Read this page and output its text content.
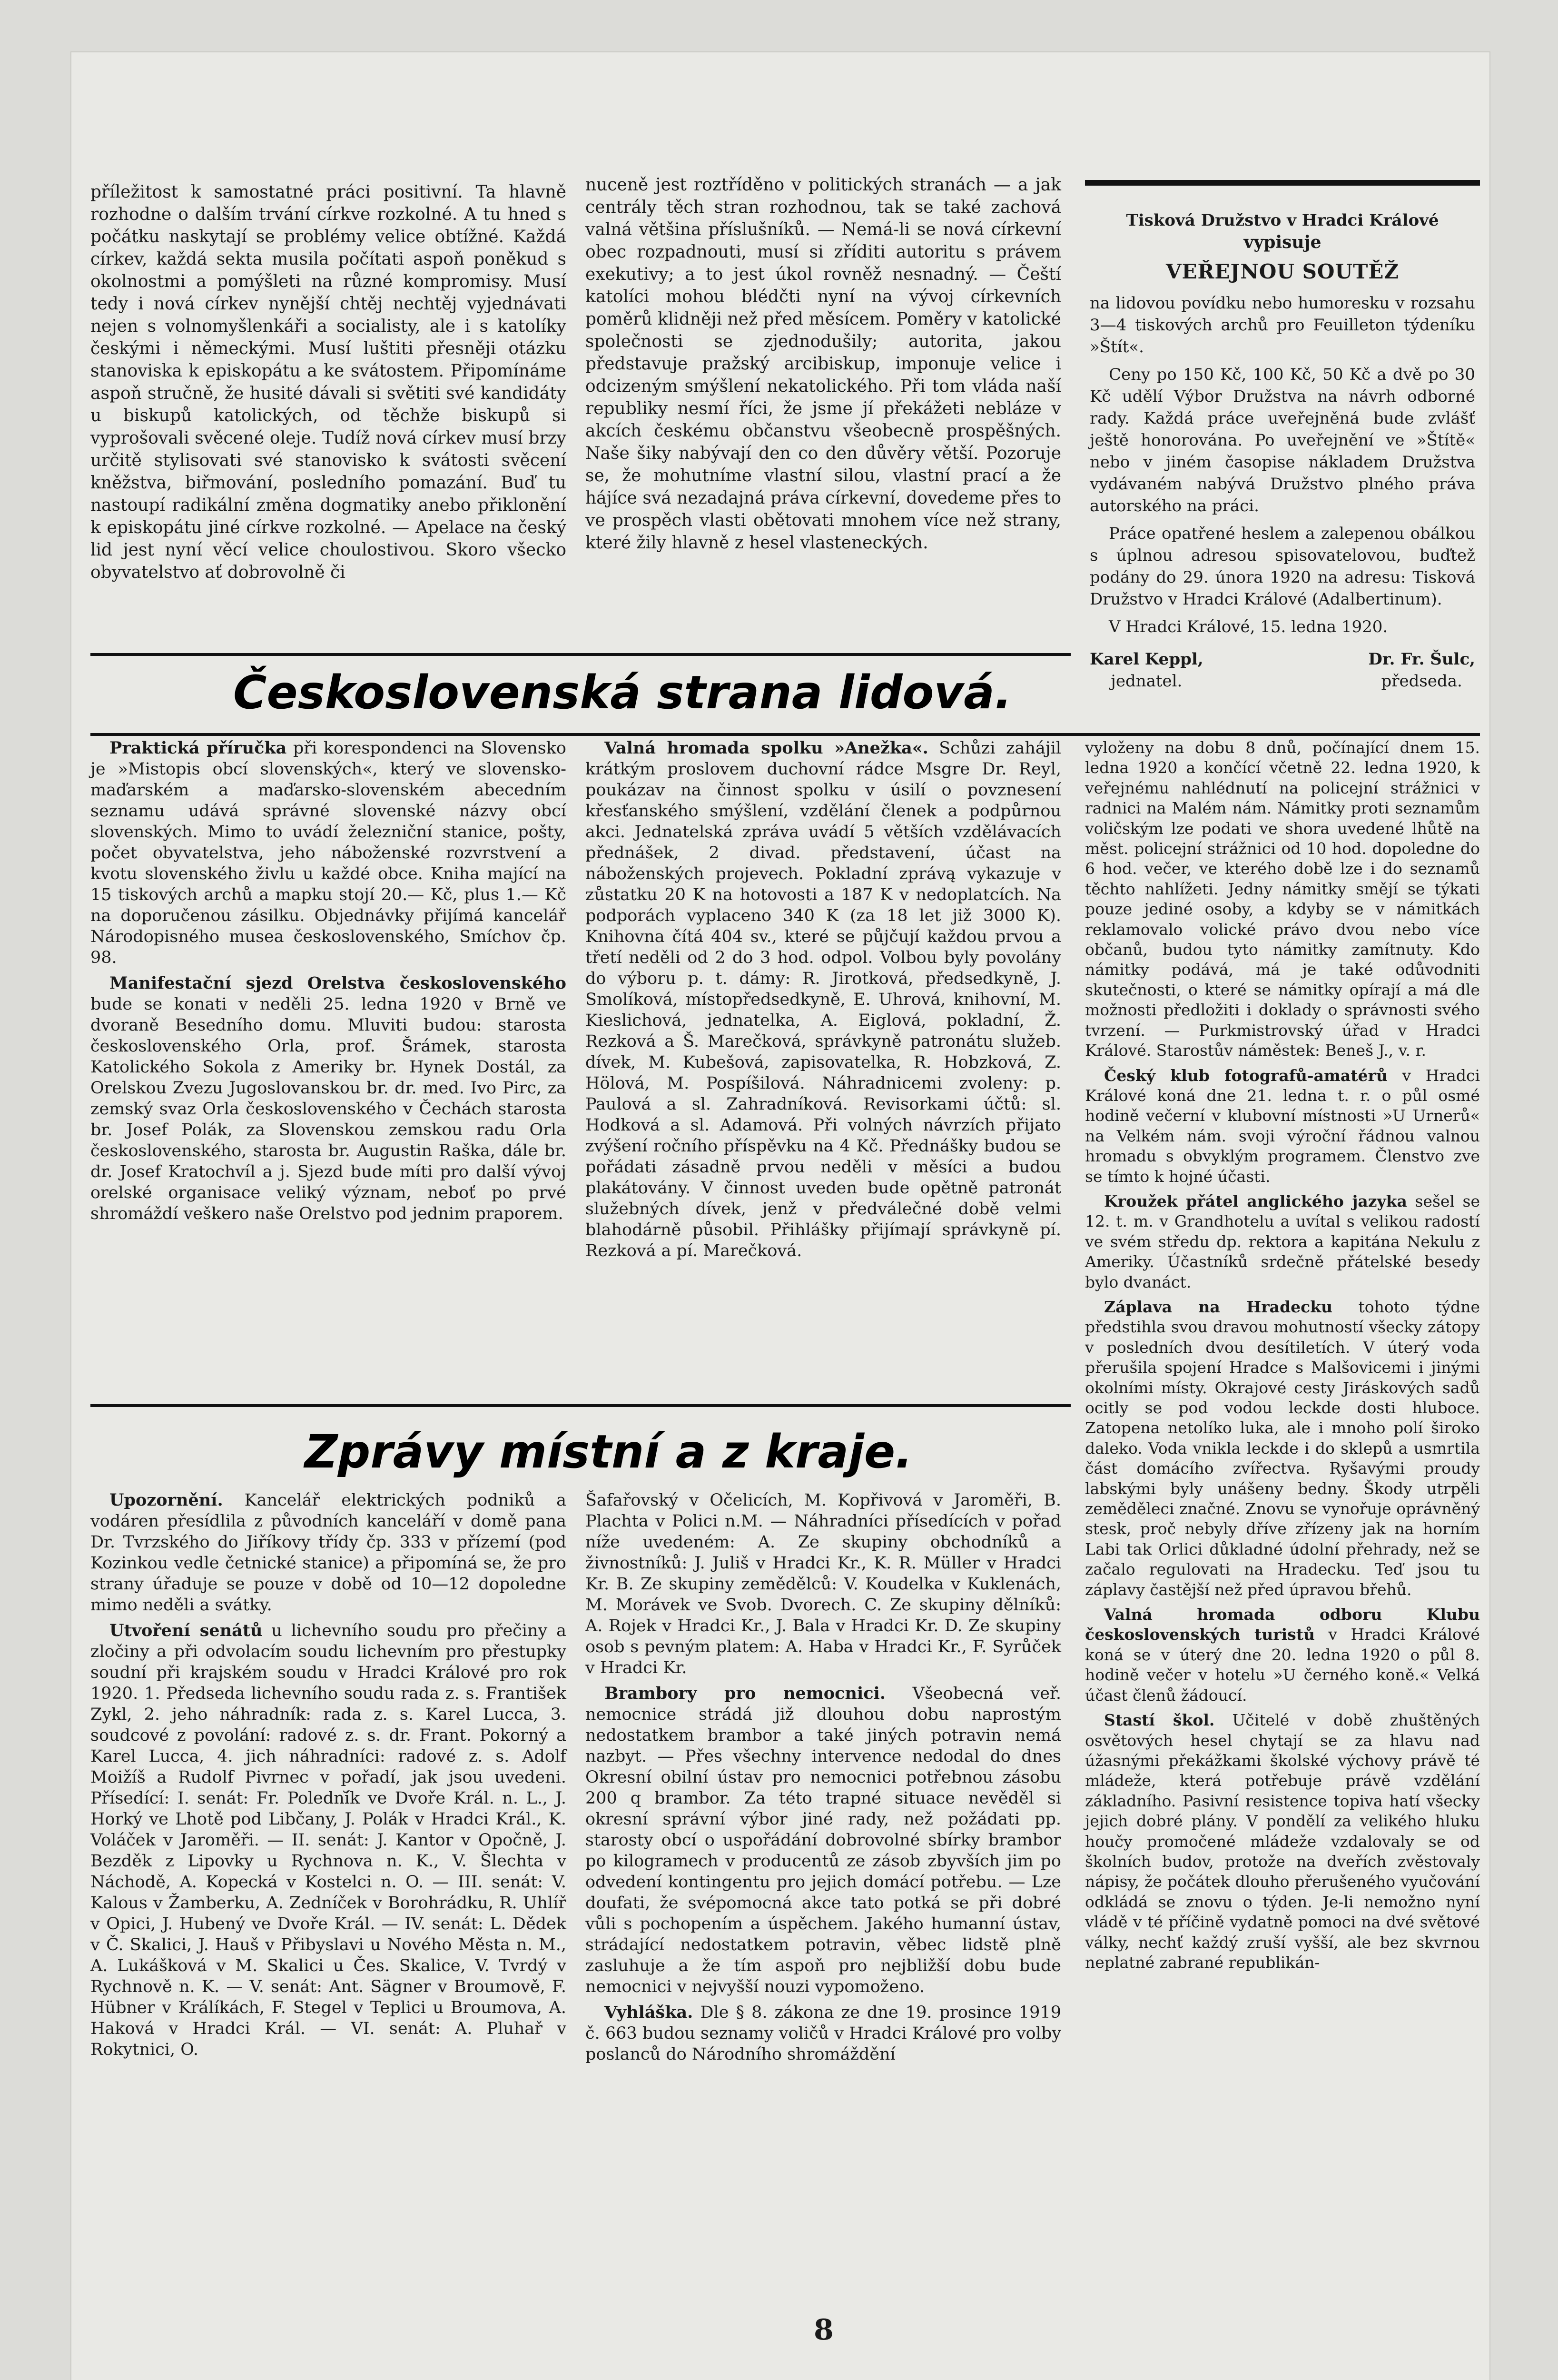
příležitost k samostatné práci positivní. Ta hlavně rozhodne o dalším trvání církve rozkolné. A tu hned s počátku naskytají se problémy velice obtížné. Každá církev, každá sekta musila počítati aspoň poněkud s okolnostmi a pomýšleti na různé kompromisy. Musí tedy i nová církev nynější chtěj nechtěj vyjednávati nejen s volnomyšlenkáři a socialisty, ale i s katolíky českými i německými. Musí luštiti přesněji otázku stanoviska k episkopátu a ke svátostem. Připomínáme aspoň stručně, že husité dávali si světiti své kandidáty u biskupů katolických, od těchže biskupů si vyprošovali svěcené oleje. Tudíž nová církev musí brzy určitě stylisovati své stanovisko k svátosti svěcení kněžstva, biřmování, posledního pomazání. Buď tu nastoupí radikální změna dogmatiky anebo přiklonění k episkopátu jiné církve rozkolné. — Apelace na český lid jest nyní věcí velice choulostivou. Skoro všecko obyvatelstvo ať dobrovolně či

nuceně jest roztříděno v politických stranách — a jak centrály těch stran rozhodnou, tak se také zachová valná většina příslušníků. — Nemá-li se nová církevní obec rozpadnouti, musí si zříditi autoritu s právem exekutivy; a to jest úkol rovněž nesnadný. — Čeští katolíci mohou blédčti nyní na vývoj církevních poměrů klidněji než před měsícem. Poměry v katolické společnosti se zjednodušily; autorita, jakou představuje pražský arcibiskup, imponuje velice i odcizeným smýšlení nekatolického. Při tom vláda naší republiky nesmí říci, že jsme jí překážeti nebláze v akcích českému občanstvu všeobecně prospěšných. Naše šiky nabývají den co den důvěry větší. Pozoruje se, že mohutníme vlastní silou, vlastní prací a že hájíce svá nezadajná práva církevní, dovedeme přes to ve prospěch vlasti obětovati mnohem více než strany, které žily hlavně z hesel vlasteneckých.

Tisková Družstvo v Hradci Králové
vypisuje
VEŘEJNOU SOUTĚŽ

na lidovou povídku nebo humoresku v rozsahu 3—4 tiskových archů pro Feuilleton týdeníku »Štít«.

Ceny po 150 Kč, 100 Kč, 50 Kč a dvě po 30 Kč udělí Výbor Družstva na návrh odborné rady. Každá práce uveřejněná bude zvlášť ještě honorována. Po uveřejnění ve »Štítě« nebo v jiném časopise nákladem Družstva vydávaném nabývá Družstvo plného práva autorského na práci.

Práce opatřené heslem a zalepenou obálkou s úplnou adresou spisovatelovou, buďtež podány do 29. února 1920 na adresu: Tisková Družstvo v Hradci Králové (Adalbertinum).

V Hradci Králové, 15. ledna 1920.

Karel Keppl,
jednatel.
Dr. Fr. Šulc,
předseda.
Československá strana lidová.

Praktická příručka při korespondenci na Slovensko je »Mistopis obcí slovenských«, který ve slovensko-maďarském a maďarsko-slovenském abecedním seznamu udává správné slovenské názvy obcí slovenských. Mimo to uvádí železniční stanice, pošty, počet obyvatelstva, jeho náboženské rozvrstvení a kvotu slovenského živlu u každé obce. Kniha mající na 15 tiskových archů a mapku stojí 20.— Kč, plus 1.— Kč na doporučenou zásilku. Objednávky přijímá kancelář Národopisného musea československého, Smíchov čp. 98.

Manifestační sjezd Orelstva československého bude se konati v neděli 25. ledna 1920 v Brně ve dvoraně Besedního domu. Mluviti budou: starosta československého Orla, prof. Šrámek, starosta Katolického Sokola z Ameriky br. Hynek Dostál, za Orelskou Zvezu Jugoslovanskou br. dr. med. Ivo Pirc, za zemský svaz Orla československého v Čechách starosta br. Josef Polák, za Slovenskou zemskou radu Orla československého, starosta br. Augustin Raška, dále br. dr. Josef Kratochvíl a j. Sjezd bude míti pro další vývoj orelské organisace veliký význam, neboť po prvé shromáždí veškero naše Orelstvo pod jednim praporem.

Valná hromada spolku »Anežka«. Schůzi zahájil krátkým proslovem duchovní rádce Msgre Dr. Reyl, poukázav na činnost spolku v úsilí o povznesení křesťanského smýšlení, vzdělání členek a podpůrnou akci. Jednatelská zpráva uvádí 5 větších vzdělávacích přednášek, 2 divad. představení, účast na náboženských projevech. Pokladní zprávą vykazuje v zůstatku 20 K na hotovosti a 187 K v nedoplatcích. Na podporách vyplaceno 340 K (za 18 let již 3000 K). Knihovna čítá 404 sv., které se půjčují každou prvou a třetí neděli od 2 do 3 hod. odpol. Volbou byly povolány do výboru p. t. dámy: R. Jirotková, předsedkyně, J. Smolíková, místopředsedkyně, E. Uhrová, knihovní, M. Kieslichová, jednatelka, A. Eiglová, pokladní, Ž. Rezková a Š. Marečková, správkyně patronátu služeb. dívek, M. Kubešová, zapisovatelka, R. Hobzková, Z. Hölová, M. Pospíšilová. Náhradnicemi zvoleny: p. Paulová a sl. Zahradníková. Revisorkami účtů: sl. Hodková a sl. Adamová. Při volných návrzích přijato zvýšení ročního příspěvku na 4 Kč. Přednášky budou se pořádati zásadně prvou neděli v měsíci a budou plakátovány. V činnost uveden bude opětně patronát služebných dívek, jenž v předválečné době velmi blahodárně působil. Přihlášky přijímají správkyně pí. Rezková a pí. Marečková.

vyloženy na dobu 8 dnů, počínající dnem 15. ledna 1920 a končící včetně 22. ledna 1920, k veřejnému nahlédnutí na policejní strážnici v radnici na Malém nám. Námitky proti seznamům voličským lze podati ve shora uvedené lhůtě na měst. policejní strážnici od 10 hod. dopoledne do 6 hod. večer, ve kterého době lze i do seznamů těchto nahlížeti. Jedny námitky smějí se týkati pouze jediné osoby, a kdyby se v námitkách reklamovalo volické právo dvou nebo více občanů, budou tyto námitky zamítnuty. Kdo námitky podává, má je také odůvodniti skutečnosti, o které se námitky opírají a má dle možnosti předložiti i doklady o správnosti svého tvrzení. — Purkmistrovský úřad v Hradci Králové. Starostův náměstek: Beneš J., v. r.

Český klub fotografů-amatérů v Hradci Králové koná dne 21. ledna t. r. o půl osmé hodině večerní v klubovní místnosti »U Urnerů« na Velkém nám. svoji výroční řádnou valnou hromadu s obvyklým programem. Členstvo zve se tímto k hojné účasti.

Kroužek přátel anglického jazyka sešel se 12. t. m. v Grandhotelu a uvítal s velikou radostí ve svém středu dp. rektora a kapitána Nekulu z Ameriky. Účastníků srdečně přátelské besedy bylo dvanáct.

Záplava na Hradecku tohoto týdne předstihla svou dravou mohutností všecky zátopy v posledních dvou desítiletích. V úterý voda přerušila spojení Hradce s Malšovicemi i jinými okolními místy. Okrajové cesty Jiráskových sadů ocitly se pod vodou leckde dosti hluboce. Zatopena netolíko luka, ale i mnoho polí široko daleko. Voda vnikla leckde i do sklepů a usmrtila část domácího zvířectva. Ryšavými proudy labskými byly unášeny bedny. Škody utrpěli zeměděleci značné. Znovu se vynořuje oprávněný stesk, proč nebyly dříve zřízeny jak na horním Labi tak Orlici důkladné údolní přehrady, než se začalo regulovati na Hradecku. Teď jsou tu záplavy častější než před úpravou břehů.

Valná hromada odboru Klubu československých turistů v Hradci Králové koná se v úterý dne 20. ledna 1920 o půl 8. hodině večer v hotelu »U černého koně.« Velká účast členů žádoucí.

Stastí škol. Učitelé v době zhuštěných osvětových hesel chytají se za hlavu nad úžasnými překážkami školské výchovy právě té mládeže, která potřebuje právě vzdělání základního. Pasivní resistence topiva hatí všecky jejich dobré plány. V pondělí za velikého hluku houčy promočené mládeže vzdalovaly se od školních budov, protože na dveřích zvěstovaly nápisy, že počátek dlouho přerušeného vyučování odkládá se znovu o týden. Je-li nemožno nyní vládě v té příčině vydatně pomoci na dvé světové války, nechť každý zruší vyšší, ale bez skvrnou neplatné zabrané republikán-

Zprávy místní a z kraje.

Upozornění. Kancelář elektrických podniků a vodáren přesídlila z původních kanceláří v domě pana Dr. Tvrzského do Jiříkovy třídy čp. 333 v přízemí (pod Kozinkou vedle četnické stanice) a připomíná se, že pro strany úřaduje se pouze v době od 10—12 dopoledne mimo neděli a svátky.

Utvoření senátů u lichevního soudu pro přečiny a zločiny a při odvolacím soudu lichevním pro přestupky soudní při krajském soudu v Hradci Králové pro rok 1920. 1. Předseda lichevního soudu rada z. s. František Zykl, 2. jeho náhradník: rada z. s. Karel Lucca, 3. soudcové z povolání: radové z. s. dr. Frant. Pokorný a Karel Lucca, 4. jich náhradníci: radové z. s. Adolf Moižíš a Rudolf Pivrnec v pořadí, jak jsou uvedeni. Přísedící: I. senát: Fr. Polední̆k ve Dvoře Král. n. L., J. Horký ve Lhotě pod Libčany, J. Polák v Hradci Král., K. Voláček v Jaroměři. — II. senát: J. Kantor v Opočně, J. Bezděk z Lipovky u Rychnova n. K., V. Šlechta v Náchodě, A. Kopecká v Kostelci n. O. — III. senát: V. Kalous v Žamberku, A. Zedníček v Borohrádku, R. Uhlíř v Opici, J. Hubený ve Dvoře Král. — IV. senát: L. Dědek v Č. Skalici, J. Hauš v Přibyslavi u Nového Města n. M., A. Lukášková v M. Skalici u Čes. Skalice, V. Tvrdý v Rychnově n. K. — V. senát: Ant. Sägner v Broumově, F. Hübner v Králíkách, F. Stegel v Teplici u Broumova, A. Haková v Hradci Král. — VI. senát: A. Pluhař v Rokytnici, O.

Šafařovský v Očelicích, M. Kopřivová v Jaroměři, B. Plachta v Polici n.M. — Náhradníci přísedících v pořad níže uvedeném: A. Ze skupiny obchodníků a živnostníků: J. Juliš v Hradci Kr., K. R. Müller v Hradci Kr. B. Ze skupiny zemědělců: V. Koudelka v Kuklenách, M. Morávek ve Svob. Dvorech. C. Ze skupiny dělníků: A. Rojek v Hradci Kr., J. Bala v Hradci Kr. D. Ze skupiny osob s pevným platem: A. Haba v Hradci Kr., F. Syrůček v Hradci Kr.

Brambory pro nemocnici. Všeobecná veř. nemocnice strádá již dlouhou dobu naprostým nedostatkem brambor a také jiných potravin nemá nazbyt. — Přes všechny intervence nedodal do dnes Okresní obilní ústav pro nemocnici potřebnou zásobu 200 q brambor. Za této trapné situace nevěděl si okresní správní výbor jiné rady, než požádati pp. starosty obcí o uspořádání dobrovolné sbírky brambor po kilogramech v producentů ze zásob zbyvších jim po odvedení kontingentu pro jejich domácí potřebu. — Lze doufati, že svépomocná akce tato potká se při dobré vůli s pochopením a úspěchem. Jakého humanní ústav, strádající nedostatkem potravin, věbec lidstě plně zasluhuje a že tím aspoň pro nejbližší dobu bude nemocnici v nejvyšší nouzi vypomoženo.

Vyhláška. Dle § 8. zákona ze dne 19. prosince 1919 č. 663 budou seznamy voličů v Hradci Králové pro volby poslanců do Národního shromáždění

8
